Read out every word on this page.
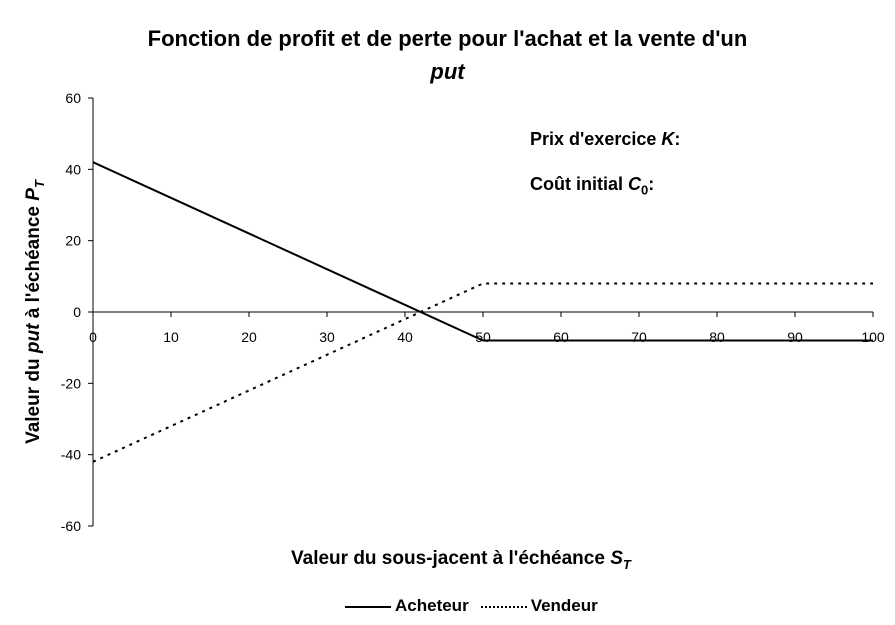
Fonction de profit et de perte pour l'achat et la vente d'un
put
Valeur du put à l'échéance $P_T$
Valeur du sous-jacent à l'échéance $S_T$
Prix d'exercice K:
Coût initial $C_0$:
-60
-40
-20
0
20
40
60
0	10	20	30	40	50	60	70	80	90	100
Acheteur	Vendeur
